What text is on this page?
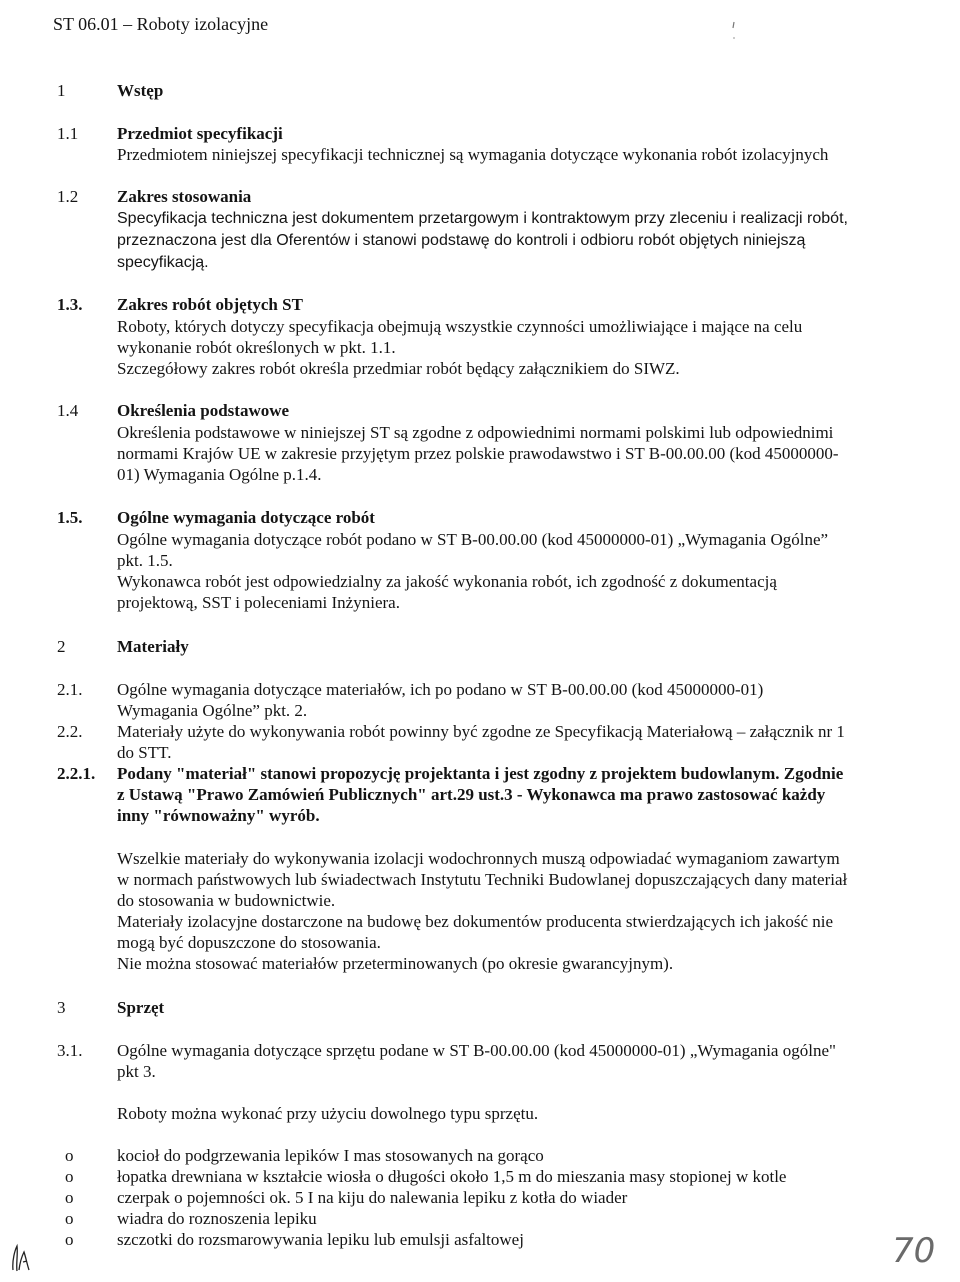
ST 06.01 – Roboty izolacyjne
1	Wstęp
1.1 Przedmiot specyfikacji
Przedmiotem niniejszej specyfikacji technicznej są wymagania dotyczące wykonania robót izolacyjnych
1.2 Zakres stosowania
Specyfikacja techniczna jest dokumentem przetargowym i kontraktowym przy zleceniu i realizacji robót,
przeznaczona jest dla Oferentów i stanowi podstawę do kontroli i odbioru robót objętych niniejszą
specyfikacją.
1.3. Zakres robót objętych ST
Roboty, których dotyczy specyfikacja obejmują wszystkie czynności umożliwiające i mające na celu
wykonanie robót określonych w pkt. 1.1.
Szczegółowy zakres robót określa przedmiar robót będący załącznikiem do SIWZ.
1.4 Określenia podstawowe
Określenia podstawowe w niniejszej ST są zgodne z odpowiednimi normami polskimi lub odpowiednimi
normami Krajów UE w zakresie przyjętym przez polskie prawodawstwo i ST B-00.00.00 (kod 45000000-
01) Wymagania Ogólne p.1.4.
1.5. Ogólne wymagania dotyczące robót
Ogólne wymagania dotyczące robót podano w ST B-00.00.00 (kod 45000000-01) „Wymagania Ogólne”
pkt. 1.5.
Wykonawca robót jest odpowiedzialny za jakość wykonania robót, ich zgodność z dokumentacją
projektową, SST i poleceniami Inżyniera.
2	Materiały
2.1. Ogólne wymagania dotyczące materiałów, ich po podano w ST B-00.00.00 (kod 45000000-01)
Wymagania Ogólne” pkt. 2.
2.2. Materiały użyte do wykonywania robót powinny być zgodne ze Specyfikacją Materiałową – załącznik nr 1
do STT.
2.2.1. Podany "materiał" stanowi propozycję projektanta i jest zgodny z projektem budowlanym. Zgodnie
z Ustawą "Prawo Zamówień Publicznych" art.29 ust.3 - Wykonawca ma prawo zastosować każdy
inny "równoważny" wyrób.
Wszelkie materiały do wykonywania izolacji wodochronnych muszą odpowiadać wymaganiom zawartym
w normach państwowych lub świadectwach Instytutu Techniki Budowlanej dopuszczających dany materiał
do stosowania w budownictwie.
Materiały izolacyjne dostarczone na budowę bez dokumentów producenta stwierdzających ich jakość nie
mogą być dopuszczone do stosowania.
Nie można stosować materiałów przeterminowanych (po okresie gwarancyjnym).
3	Sprzęt
3.1. Ogólne wymagania dotyczące sprzętu podane w ST B-00.00.00 (kod 45000000-01) „Wymagania ogólne"
pkt 3.
Roboty można wykonać przy użyciu dowolnego typu sprzętu.
o	kocioł do podgrzewania lepików I mas stosowanych na gorąco
o	łopatka drewniana w kształcie wiosła o długości około 1,5 m do mieszania masy stopionej w kotle
o	czerpak o pojemności ok. 5 I na kiju do nalewania lepiku z kotła do wiader
o	wiadra do roznoszenia lepiku
o	szczotki do rozsmarowywania lepiku lub emulsji asfaltowej	70
